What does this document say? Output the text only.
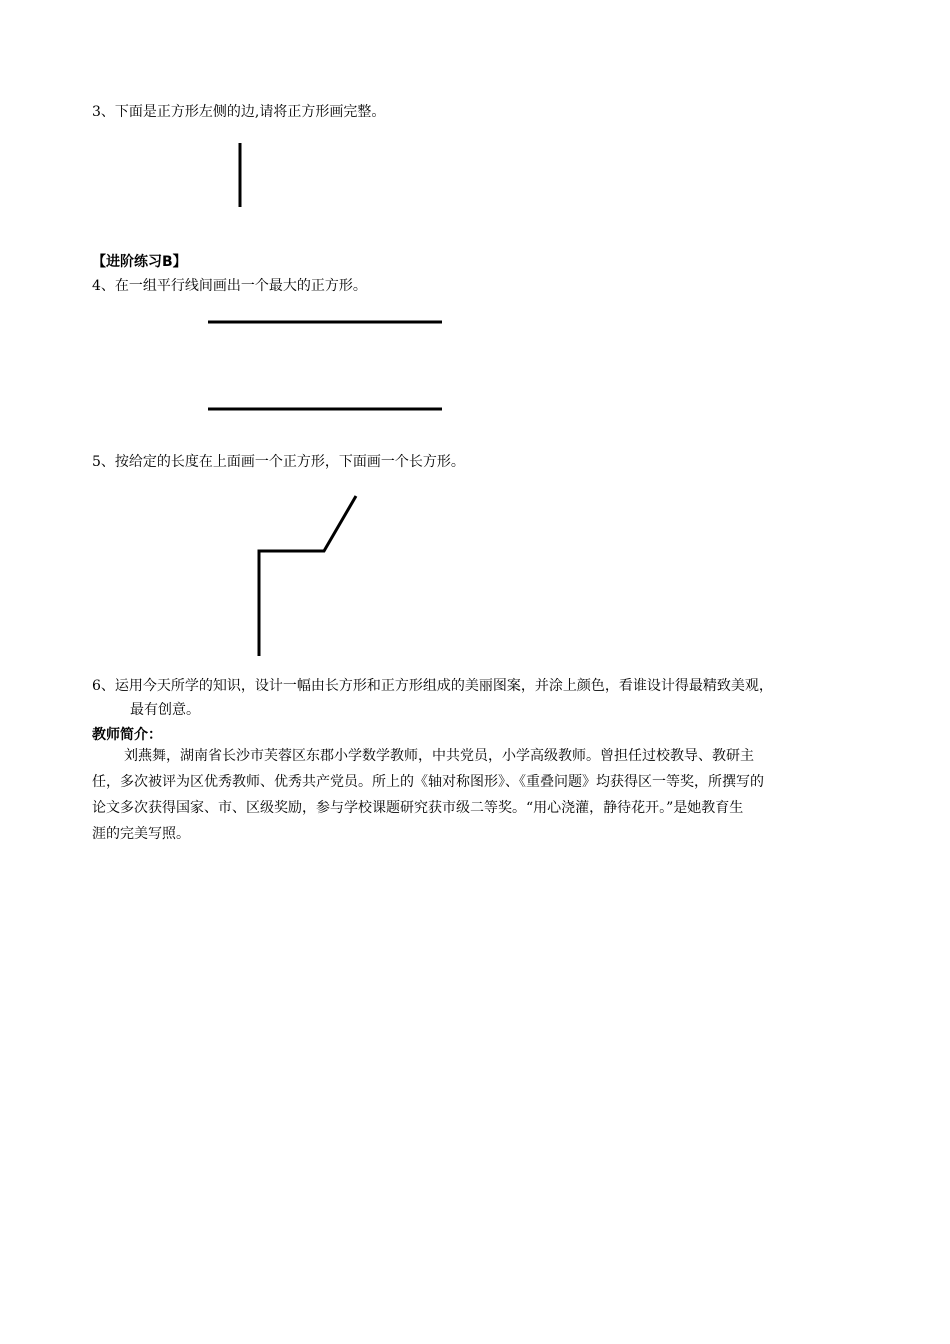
3、下面是正方形左侧的边,请将正方形画完整。
【进阶练习B】
4、在一组平行线间画出一个最大的正方形。
5、按给定的长度在上面画一个正方形，下面画一个长方形。
6、运用今天所学的知识，设计一幅由长方形和正方形组成的美丽图案，并涂上颜色，看谁设计得最精致美观，
最有创意。
教师简介：
刘燕舞，湖南省长沙市芙蓉区东郡小学数学教师，中共党员，小学高级教师。曾担任过校教导、教研主
任，多次被评为区优秀教师、优秀共产党员。所上的《轴对称图形》、《重叠问题》均获得区一等奖，所撰写的
论文多次获得国家、市、区级奖励，参与学校课题研究获市级二等奖。“用心浇灌，静待花开。”是她教育生
涯的完美写照。
